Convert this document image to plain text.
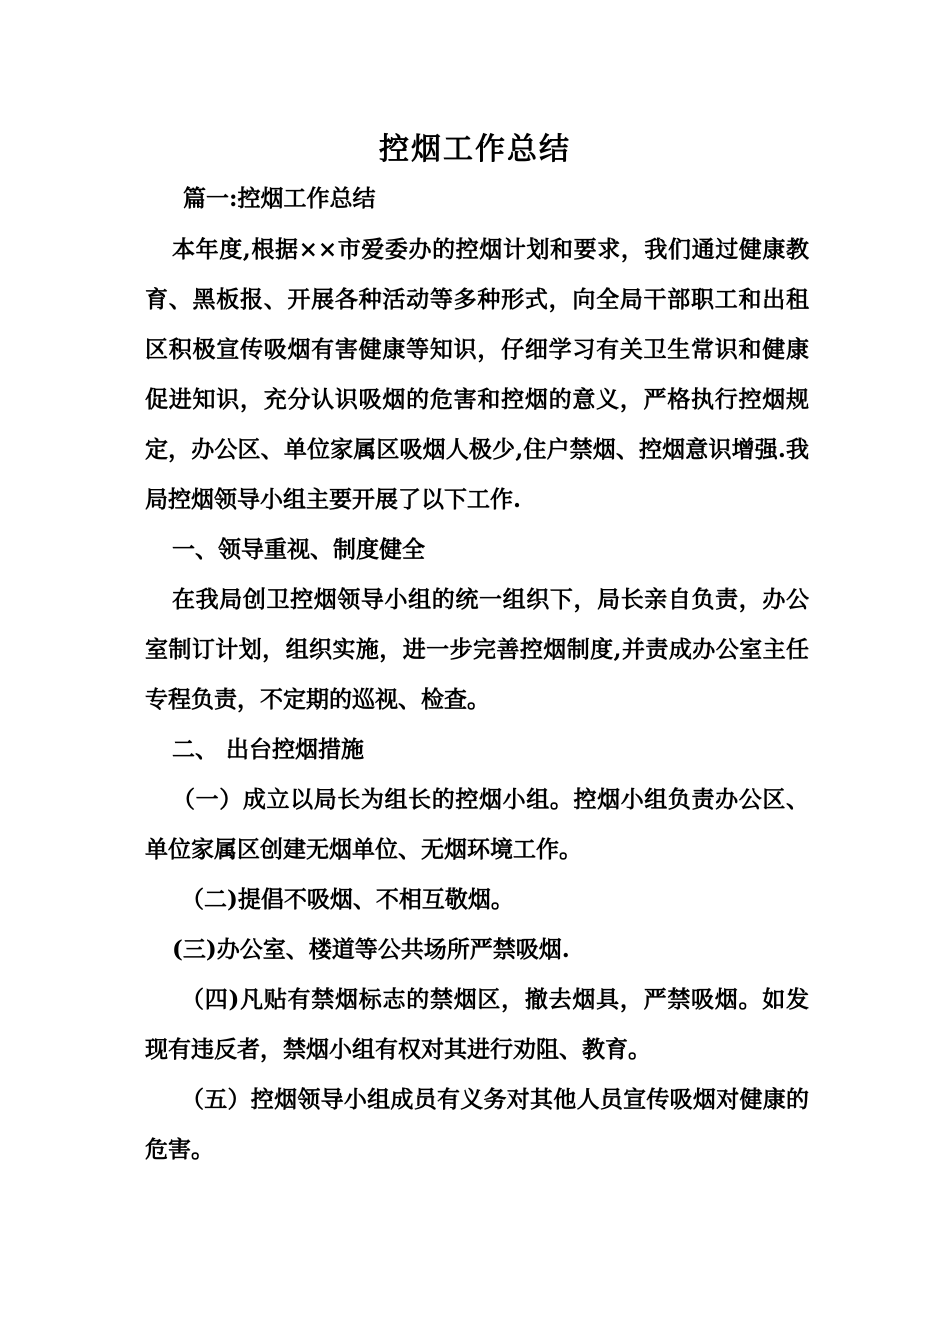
控烟工作总结
篇一:控烟工作总结

本年度,根据××市爱委办的控烟计划和要求，我们通过健康教育、黑板报、开展各种活动等多种形式，向全局干部职工和出租区积极宣传吸烟有害健康等知识，仔细学习有关卫生常识和健康促进知识，充分认识吸烟的危害和控烟的意义，严格执行控烟规定，办公区、单位家属区吸烟人极少,住户禁烟、控烟意识增强.我局控烟领导小组主要开展了以下工作.

一、领导重视、制度健全

在我局创卫控烟领导小组的统一组织下，局长亲自负责，办公室制订计划，组织实施，进一步完善控烟制度,并责成办公室主任专程负责，不定期的巡视、检查。

二、 出台控烟措施

（一）成立以局长为组长的控烟小组。控烟小组负责办公区、单位家属区创建无烟单位、无烟环境工作。

（二)提倡不吸烟、不相互敬烟。

(三)办公室、楼道等公共场所严禁吸烟.

（四)凡贴有禁烟标志的禁烟区，撤去烟具，严禁吸烟。如发现有违反者，禁烟小组有权对其进行劝阻、教育。

（五）控烟领导小组成员有义务对其他人员宣传吸烟对健康的危害。
